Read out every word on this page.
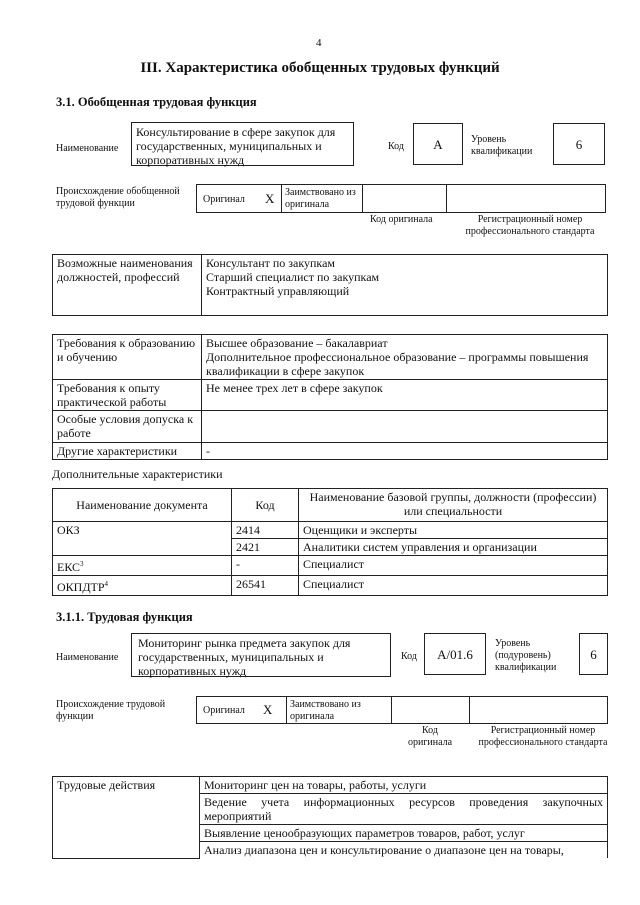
4
III. Характеристика обобщенных трудовых функций
3.1. Обобщенная трудовая функция
Наименование
Консультирование в сфере закупок для государственных, муниципальных и корпоративных нужд
Код	А	Уровень квалификации	6
Происхождение обобщенной трудовой функции	Оригинал X Заимствовано из оригинала
Код оригинала	Регистрационный номер профессионального стандарта
Возможные наименования должностей, профессий	
Консультант по закупкам
Старший специалист по закупкам
Контрактный управляющий
Требования к образованию и обучению	Высшее образование – бакалавриат
Дополнительное профессиональное образование – программы повышения квалификации в сфере закупок
Требования к опыту практической работы	Не менее трех лет в сфере закупок
Особые условия допуска к работе	
Другие характеристики	-
Дополнительные характеристики
Наименование документа	Код	Наименование базовой группы, должности (профессии) или специальности
ОКЗ	2414	Оценщики и эксперты
	2421	Аналитики систем управления и организации
ЕКС$^3$	-	Специалист
ОКПДТР$^4$	26541	Специалист
3.1.1. Трудовая функция
Наименование
Мониторинг рынка предмета закупок для государственных, муниципальных и корпоративных нужд
Код	А/01.6
Уровень (подуровень) квалификации
6
Происхождение трудовой функции
Оригинал X Заимствовано из оригинала
Код оригинала
Регистрационный номер профессионального стандарта
Трудовые действия	Мониторинг цен на товары, работы, услуги
Ведение учета информационных ресурсов проведения закупочных мероприятий
Выявление ценообразующих параметров товаров, работ, услуг
Анализ диапазона цен и консультирование о диапазоне цен на товары,
